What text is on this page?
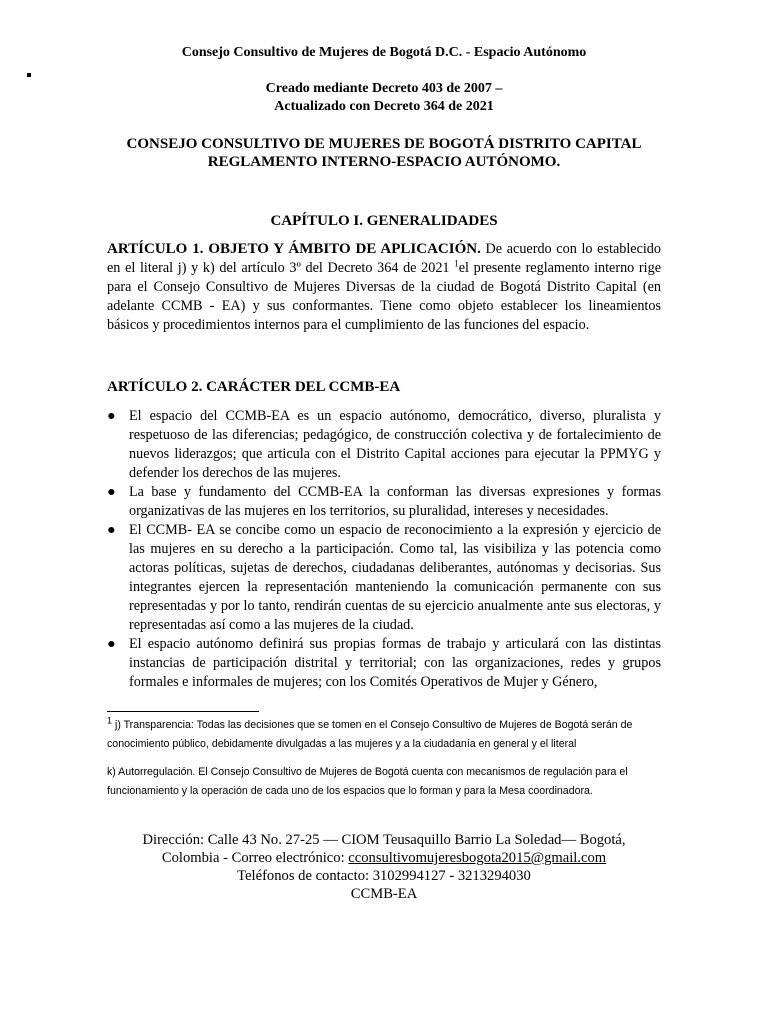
Consejo Consultivo de Mujeres de Bogotá D.C. - Espacio Autónomo
Creado mediante Decreto 403 de 2007 –
Actualizado con Decreto 364 de 2021
CONSEJO CONSULTIVO DE MUJERES DE BOGOTÁ DISTRITO CAPITAL
REGLAMENTO INTERNO-ESPACIO AUTÓNOMO.
CAPÍTULO I. GENERALIDADES
ARTÍCULO 1. OBJETO Y ÁMBITO DE APLICACIÓN. De acuerdo con lo establecido en el literal j) y k) del artículo 3º del Decreto 364 de 2021 $^1$el presente reglamento interno rige para el Consejo Consultivo de Mujeres Diversas de la ciudad de Bogotá Distrito Capital (en adelante CCMB - EA) y sus conformantes. Tiene como objeto establecer los lineamientos básicos y procedimientos internos para el cumplimiento de las funciones del espacio.
ARTÍCULO 2. CARÁCTER DEL CCMB-EA
● El espacio del CCMB-EA es un espacio autónomo, democrático, diverso, pluralista y respetuoso de las diferencias; pedagógico, de construcción colectiva y de fortalecimiento de nuevos liderazgos; que articula con el Distrito Capital acciones para ejecutar la PPMYG y defender los derechos de las mujeres.
● La base y fundamento del CCMB-EA la conforman las diversas expresiones y formas organizativas de las mujeres en los territorios, su pluralidad, intereses y necesidades.
● El CCMB- EA se concibe como un espacio de reconocimiento a la expresión y ejercicio de las mujeres en su derecho a la participación. Como tal, las visibiliza y las potencia como actoras políticas, sujetas de derechos, ciudadanas deliberantes, autónomas y decisorias. Sus integrantes ejercen la representación manteniendo la comunicación permanente con sus representadas y por lo tanto, rendirán cuentas de su ejercicio anualmente ante sus electoras, y representadas así como a las mujeres de la ciudad.
● El espacio autónomo definirá sus propias formas de trabajo y articulará con las distintas instancias de participación distrital y territorial; con las organizaciones, redes y grupos formales e informales de mujeres; con los Comités Operativos de Mujer y Género,
$^1$ j) Transparencia: Todas las decisiones que se tomen en el Consejo Consultivo de Mujeres de Bogotá serán de conocimiento público, debidamente divulgadas a las mujeres y a la ciudadanía en general y el literal
k) Autorregulación. El Consejo Consultivo de Mujeres de Bogotá cuenta con mecanismos de regulación para el funcionamiento y la operación de cada uno de los espacios que lo forman y para la Mesa coordinadora.
Dirección: Calle 43 No. 27-25 — CIOM Teusaquillo Barrio La Soledad— Bogotá,
Colombia - Correo electrónico: cconsultivomujeresbogota2015@gmail.com
Teléfonos de contacto: 3102994127 - 3213294030
CCMB-EA
